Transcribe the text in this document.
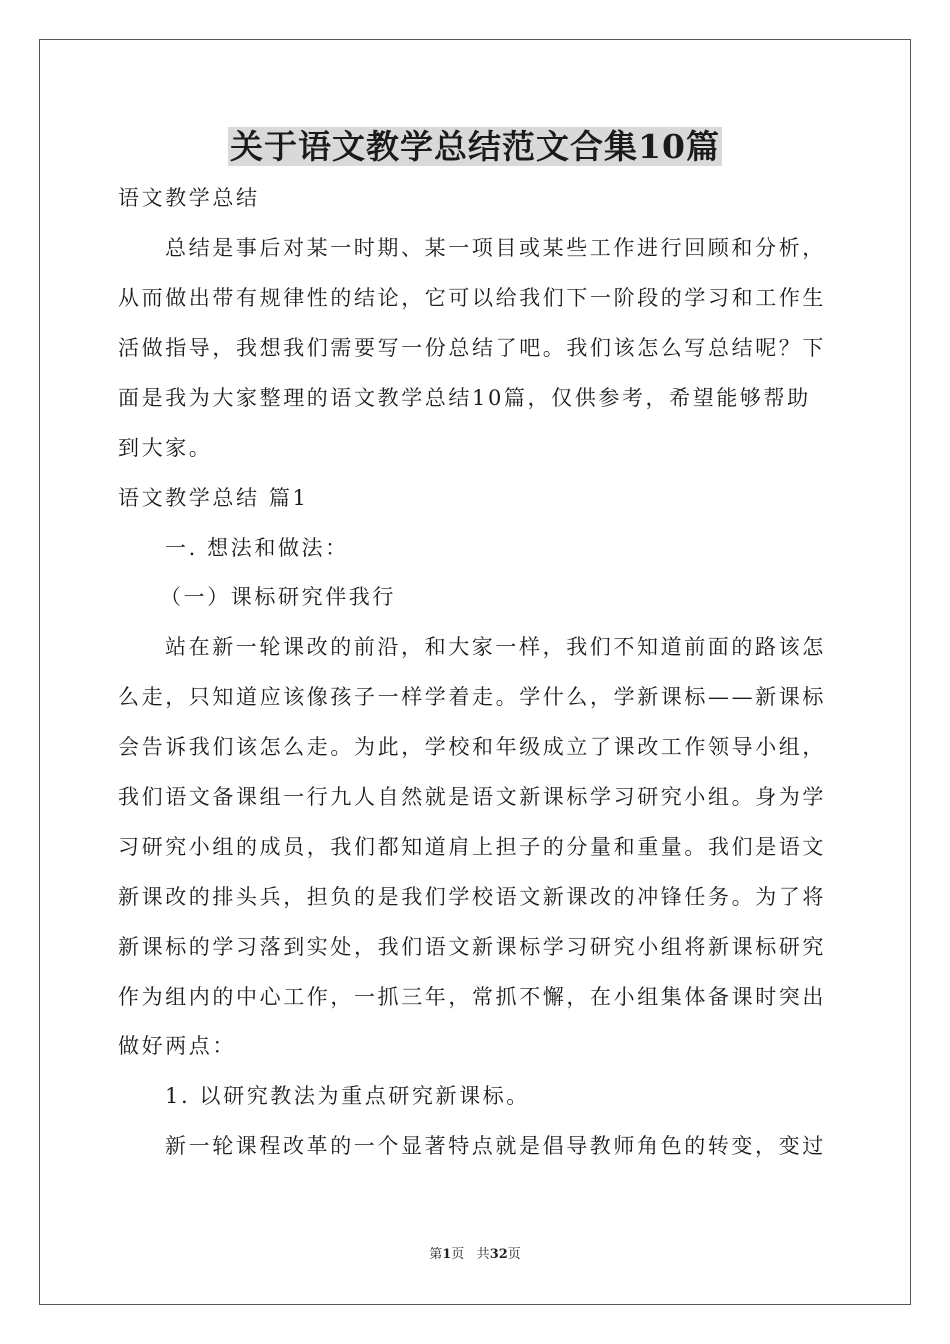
关于语文教学总结范文合集10篇
语文教学总结
总结是事后对某一时期、某一项目或某些工作进行回顾和分析，
从而做出带有规律性的结论，它可以给我们下一阶段的学习和工作生
活做指导，我想我们需要写一份总结了吧。我们该怎么写总结呢？下
面是我为大家整理的语文教学总结10篇，仅供参考，希望能够帮助
到大家。
语文教学总结 篇1
一. 想法和做法：
（一）课标研究伴我行
站在新一轮课改的前沿，和大家一样，我们不知道前面的路该怎
么走，只知道应该像孩子一样学着走。学什么，学新课标——新课标
会告诉我们该怎么走。为此，学校和年级成立了课改工作领导小组，
我们语文备课组一行九人自然就是语文新课标学习研究小组。身为学
习研究小组的成员，我们都知道肩上担子的分量和重量。我们是语文
新课改的排头兵，担负的是我们学校语文新课改的冲锋任务。为了将
新课标的学习落到实处，我们语文新课标学习研究小组将新课标研究
作为组内的中心工作，一抓三年，常抓不懈，在小组集体备课时突出
做好两点：
1. 以研究教法为重点研究新课标。
新一轮课程改革的一个显著特点就是倡导教师角色的转变，变过
第1页 共32页
